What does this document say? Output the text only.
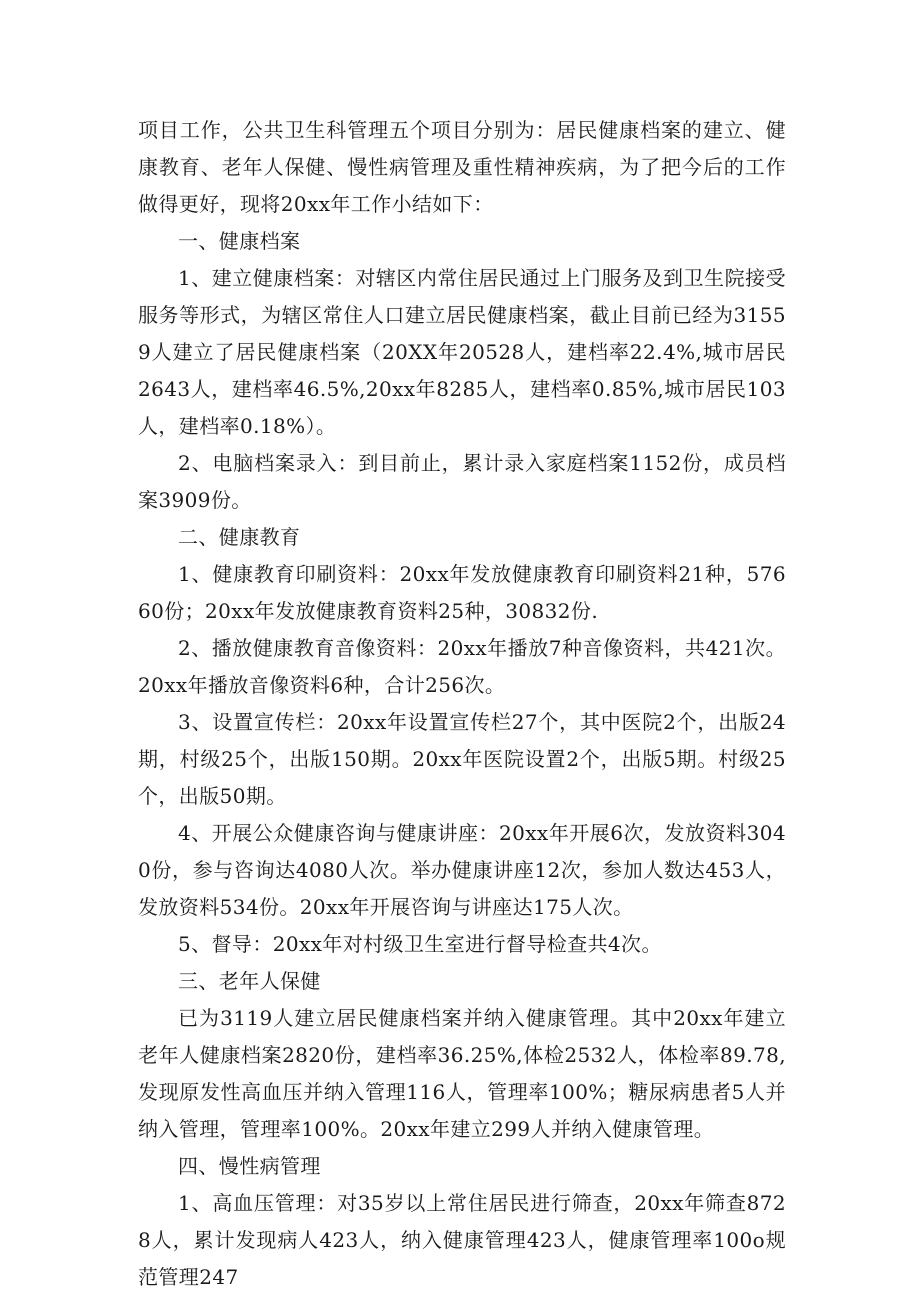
项目工作，公共卫生科管理五个项目分别为：居民健康档案的建立、健康教育、老年人保健、慢性病管理及重性精神疾病，为了把今后的工作做得更好，现将20xx年工作小结如下：

一、健康档案

1、建立健康档案：对辖区内常住居民通过上门服务及到卫生院接受服务等形式，为辖区常住人口建立居民健康档案，截止目前已经为31559人建立了居民健康档案（20XX年20528人，建档率22.4%,城市居民2643人，建档率46.5%,20xx年8285人，建档率0.85%,城市居民103人，建档率0.18%）。

2、电脑档案录入：到目前止，累计录入家庭档案1152份，成员档案3909份。

二、健康教育

1、健康教育印刷资料：20xx年发放健康教育印刷资料21种，57660份；20xx年发放健康教育资料25种，30832份.

2、播放健康教育音像资料：20xx年播放7种音像资料，共421次。20xx年播放音像资料6种，合计256次。

3、设置宣传栏：20xx年设置宣传栏27个，其中医院2个，出版24期，村级25个，出版150期。20xx年医院设置2个，出版5期。村级25个，出版50期。

4、开展公众健康咨询与健康讲座：20xx年开展6次，发放资料3040份，参与咨询达4080人次。举办健康讲座12次，参加人数达453人，发放资料534份。20xx年开展咨询与讲座达175人次。

5、督导：20xx年对村级卫生室进行督导检查共4次。

三、老年人保健

已为3119人建立居民健康档案并纳入健康管理。其中20xx年建立老年人健康档案2820份，建档率36.25%,体检2532人，体检率89.78,发现原发性高血压并纳入管理116人，管理率100%；糖尿病患者5人并纳入管理，管理率100%。20xx年建立299人并纳入健康管理。

四、慢性病管理

1、高血压管理：对35岁以上常住居民进行筛查，20xx年筛查8728人，累计发现病人423人，纳入健康管理423人，健康管理率100o规范管理247
